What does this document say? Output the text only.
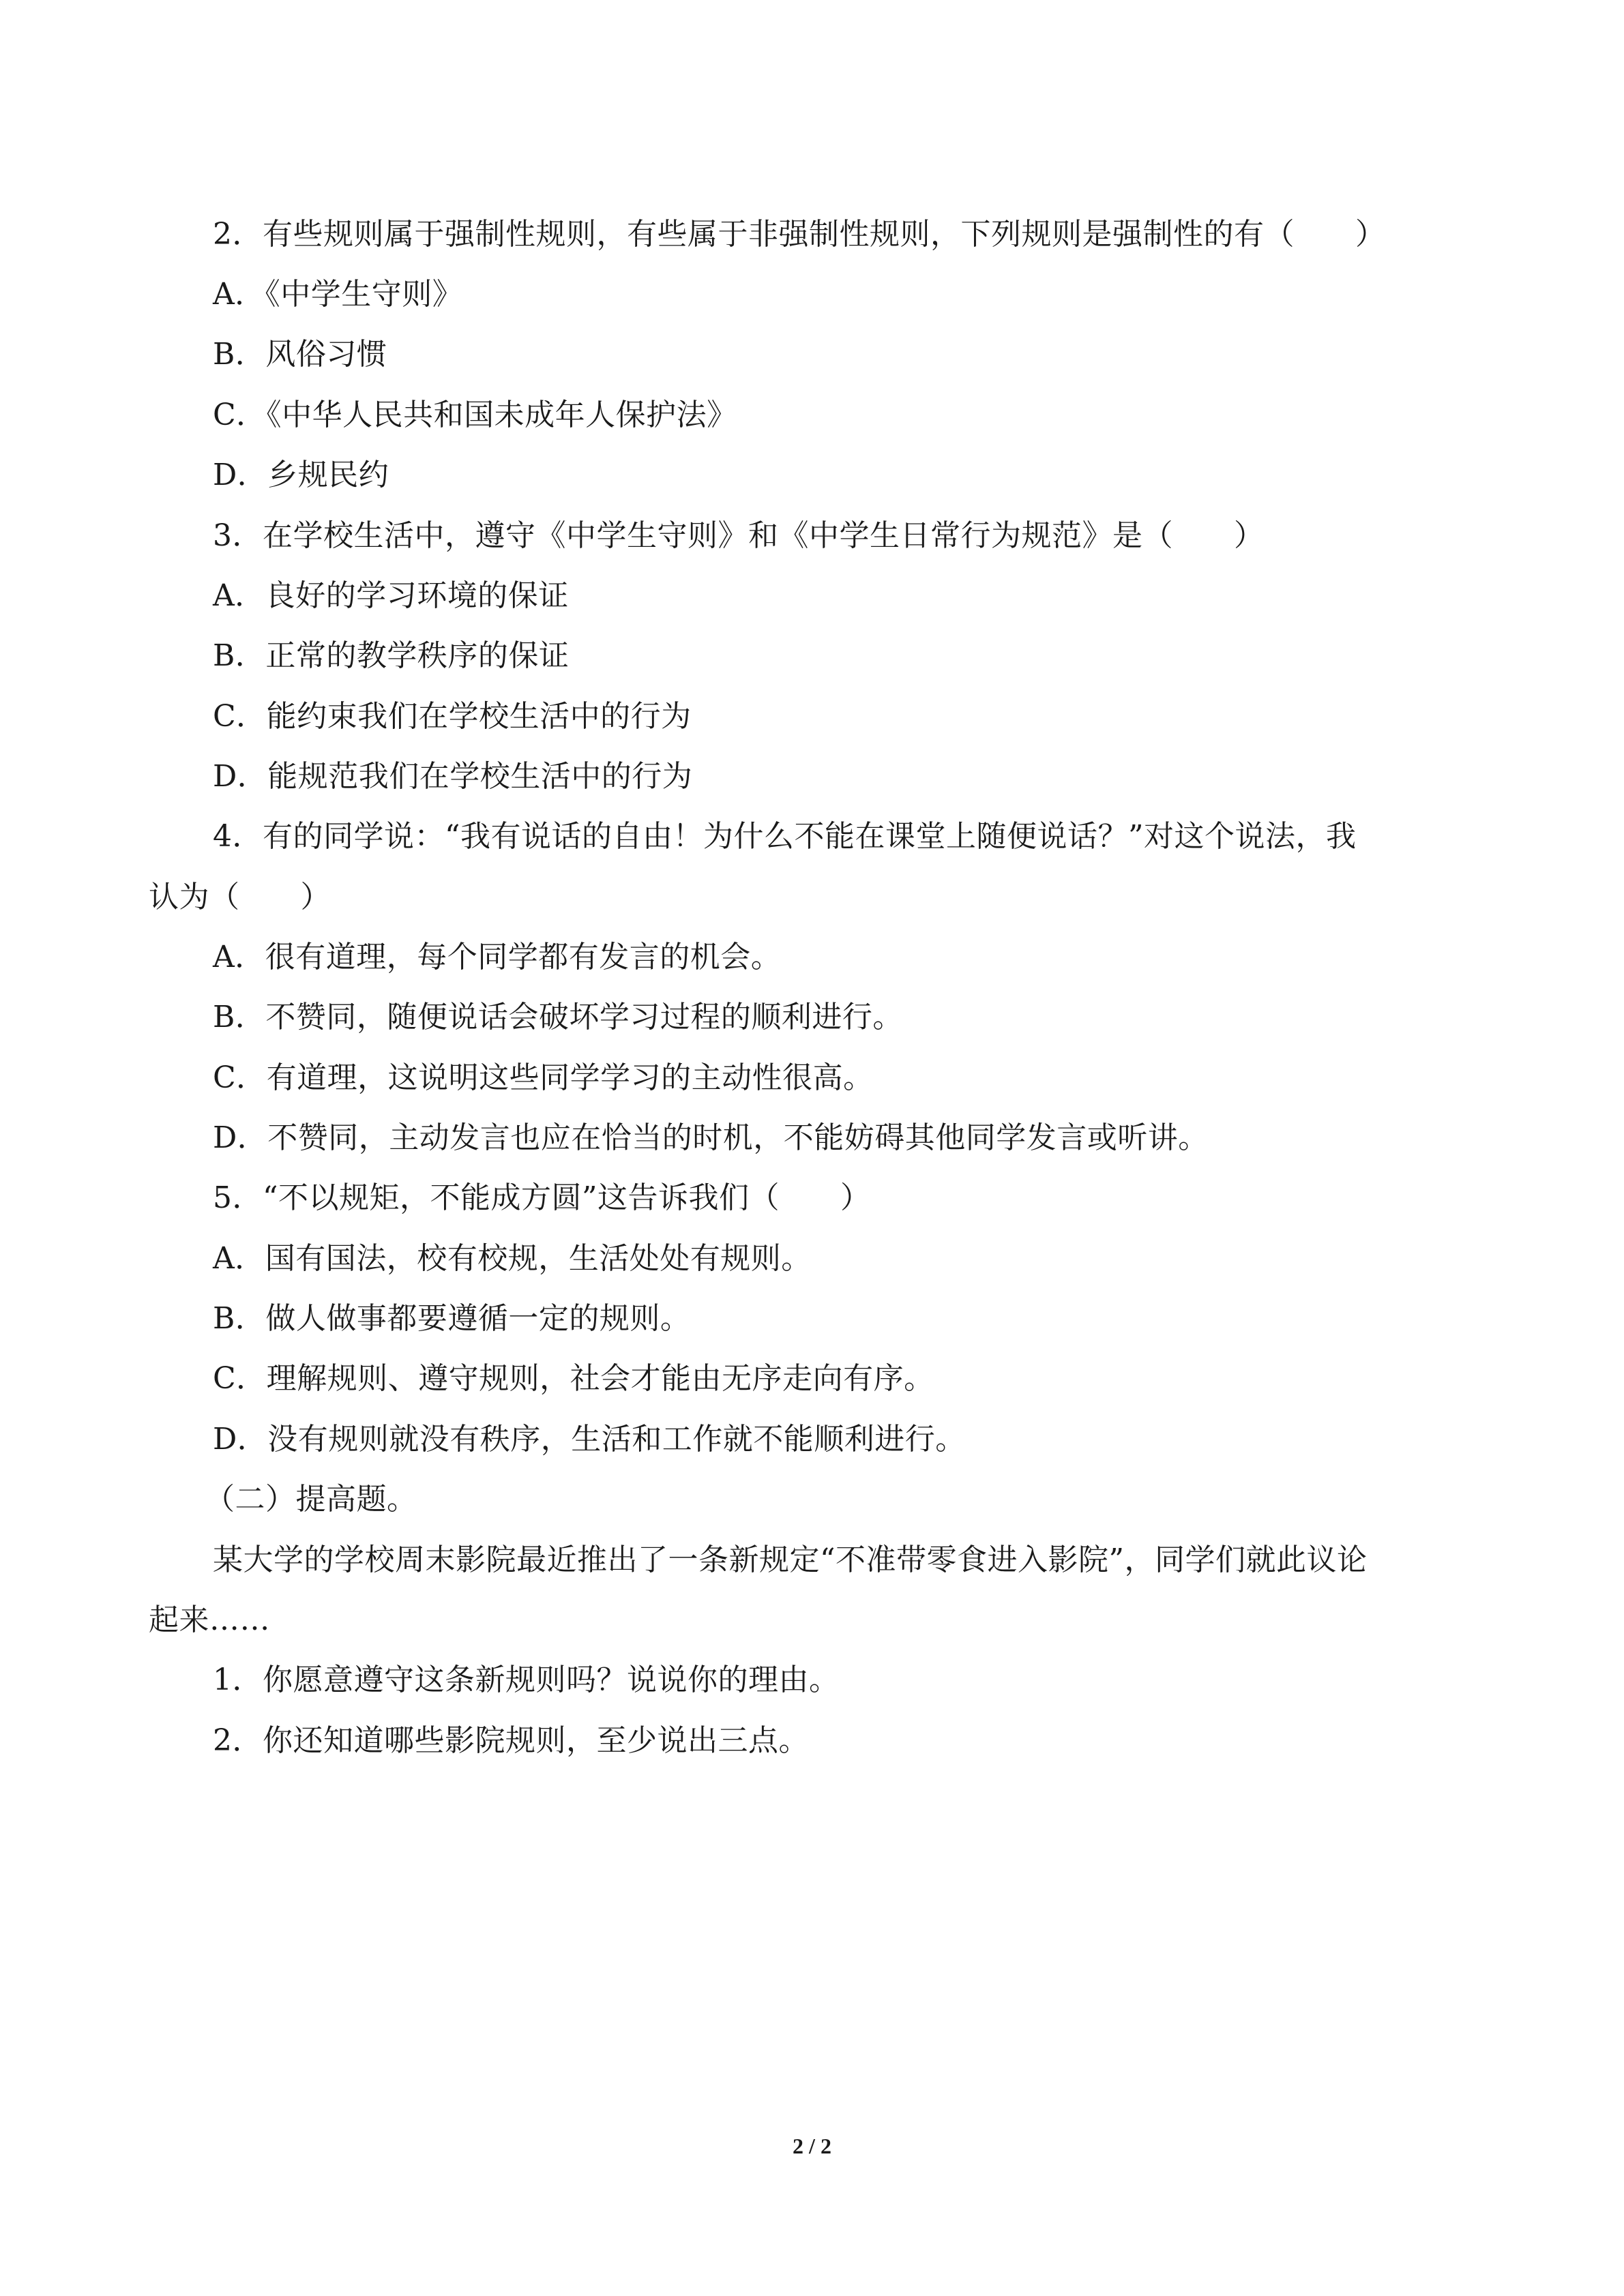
2．有些规则属于强制性规则，有些属于非强制性规则，下列规则是强制性的有（　　）
A．《中学生守则》
B．风俗习惯
C．《中华人民共和国未成年人保护法》
D．乡规民约
3．在学校生活中，遵守《中学生守则》和《中学生日常行为规范》是（　　）
A．良好的学习环境的保证
B．正常的教学秩序的保证
C．能约束我们在学校生活中的行为
D．能规范我们在学校生活中的行为
4．有的同学说：“我有说话的自由！为什么不能在课堂上随便说话？”对这个说法，我
认为（　　）
A．很有道理，每个同学都有发言的机会。
B．不赞同，随便说话会破坏学习过程的顺利进行。
C．有道理，这说明这些同学学习的主动性很高。
D．不赞同，主动发言也应在恰当的时机，不能妨碍其他同学发言或听讲。
5．“不以规矩，不能成方圆”这告诉我们（　　）
A．国有国法，校有校规，生活处处有规则。
B．做人做事都要遵循一定的规则。
C．理解规则、遵守规则，社会才能由无序走向有序。
D．没有规则就没有秩序，生活和工作就不能顺利进行。
（二）提高题。
某大学的学校周末影院最近推出了一条新规定“不准带零食进入影院”，同学们就此议论
起来……
1．你愿意遵守这条新规则吗？说说你的理由。
2．你还知道哪些影院规则，至少说出三点。
2 / 2
